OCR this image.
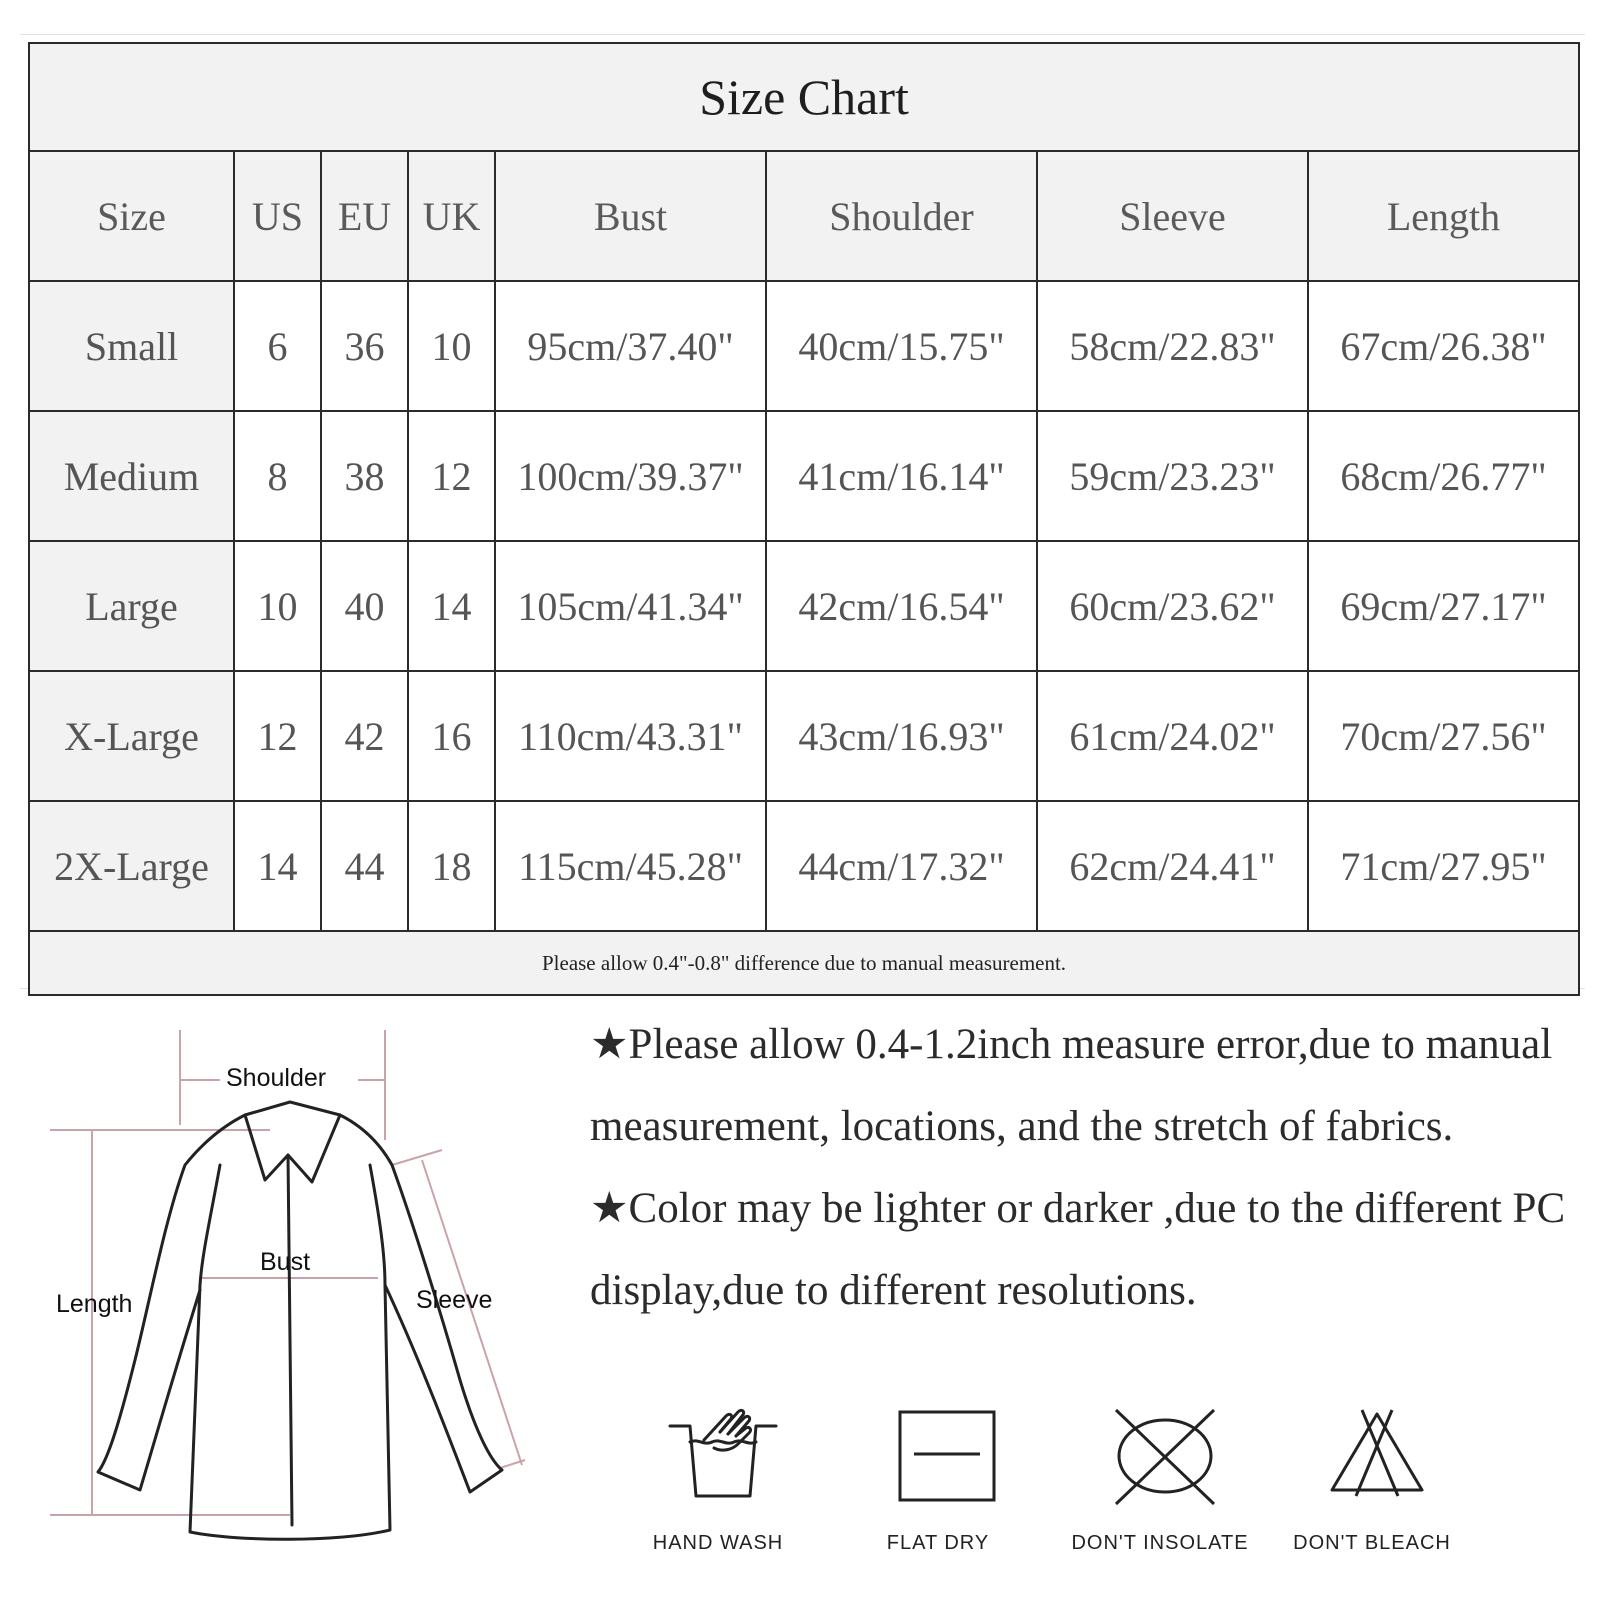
Size Chart							
Size	US	EU	UK	Bust	Shoulder	Sleeve	Length
Small	6	36	10	95cm/37.40"	40cm/15.75"	58cm/22.83"	67cm/26.38"
Medium	8	38	12	100cm/39.37"	41cm/16.14"	59cm/23.23"	68cm/26.77"
Large	10	40	14	105cm/41.34"	42cm/16.54"	60cm/23.62"	69cm/27.17"
X-Large	12	42	16	110cm/43.31"	43cm/16.93"	61cm/24.02"	70cm/27.56"
2X-Large	14	44	18	115cm/45.28"	44cm/17.32"	62cm/24.41"	71cm/27.95"
Please allow 0.4"-0.8" difference due to manual measurement.							
Shoulder
Bust
Length	Sleeve

★Please allow 0.4-1.2inch measure error,due to manual measurement, locations, and the stretch of fabrics.

★Color may be lighter or darker ,due to the different PC display,due to different resolutions.

HAND WASH	FLAT DRY	DON'T INSOLATE	DON'T BLEACH
